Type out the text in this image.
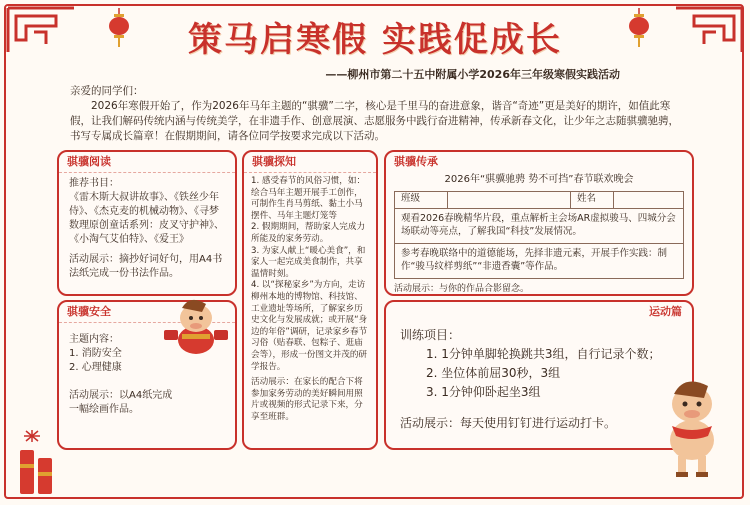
策马启寒假 实践促成长
——柳州市第二十五中附属小学2026年三年级寒假实践活动

亲爱的同学们：

2026年寒假开始了，作为2026年马年主题的“骐骥”二字，核心是千里马的奋进意象，谐音“奇迹”更是美好的期许，如值此寒假，让我们解码传统内涵与传统美学，在非遗手作、创意展演、志愿服务中践行奋进精神，传承新春文化，让少年之志随骐骥驰骋，书写专属成长篇章！在假期期间，请各位同学按要求完成以下活动。

骐骥阅读
推荐书目：
《雷木斯大叔讲故事》、《铁丝少年侍》、《杰克麦的机械动物》、《寻梦数理原创童话系列：皮叉守护神》、《小淘气艾伯特》、《爱王》
活动展示：摘抄好词好句，用A4书法纸完成一份书法作品。
骐骥安全
主题内容：
1. 消防安全
2. 心理健康
活动展示：以A4纸完成一幅绘画作品。
骐骥探知
1. 感受春节的风俗习惯，如：绘合马年主题开展手工创作，可制作生肖马剪纸、黏土小马摆件、马年主题灯笼等
2. 假期期间，帮助家人完成力所能及的家务劳动。
3. 为家人献上“暖心美食”，和家人一起完成美食制作，共享温情时刻。
4. 以“探秘家乡”为方向，走访柳州本地的博物馆、科技馆、工业遗址等场所，了解家乡历史文化与发展成就；或开展“身边的年俗”调研，记录家乡春节习俗（贴春联、包粽子、逛庙会等），形成一份图文并茂的研学报告。
活动展示：在家长的配合下将参加家务劳动的美好瞬间用照片或视频的形式记录下来，分享至班群。
骐骥传承
2026年“骐骥驰骋 势不可挡”春节联欢晚会
班级		姓名	
观看2026春晚精华片段，重点解析主会场AR虚拟骏马、四城分会场联动等亮点，了解我国“科技”发展情况。
参考春晚联络中的道德能场，先择非遗元素，开展手作实践：制作“骏马纹样剪纸”“非遗香囊”等作品。
活动展示：与你的作品合影留念。
运动篇
训练项目：
1. 1分钟单脚轮换跳共3组，自行记录个数；
2. 坐位体前屈30秒，3组
3. 1分钟仰卧起坐3组
活动展示：每天使用钉钉进行运动打卡。
